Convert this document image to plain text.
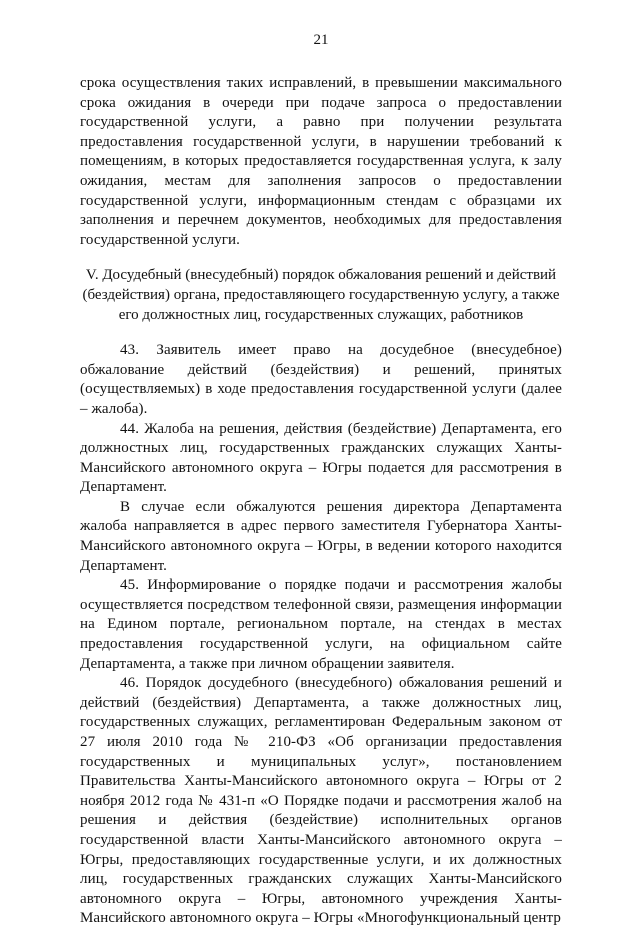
21

срока осуществления таких исправлений, в превышении максимального срока ожидания в очереди при подаче запроса о предоставлении государственной услуги, а равно при получении результата предоставления государственной услуги, в нарушении требований к помещениям, в которых предоставляется государственная услуга, к залу ожидания, местам для заполнения запросов о предоставлении государственной услуги, информационным стендам с образцами их заполнения и перечнем документов, необходимых для предоставления государственной услуги.

V. Досудебный (внесудебный) порядок обжалования решений и действий (бездействия) органа, предоставляющего государственную услугу, а также его должностных лиц, государственных служащих, работников

43. Заявитель имеет право на досудебное (внесудебное) обжалование действий (бездействия) и решений, принятых (осуществляемых) в ходе предоставления государственной услуги (далее – жалоба).

44. Жалоба на решения, действия (бездействие) Департамента, его должностных лиц, государственных гражданских служащих Ханты-Мансийского автономного округа – Югры подается для рассмотрения в Департамент.

В случае если обжалуются решения директора Департамента жалоба направляется в адрес первого заместителя Губернатора Ханты-Мансийского автономного округа – Югры, в ведении которого находится Департамент.

45. Информирование о порядке подачи и рассмотрения жалобы осуществляется посредством телефонной связи, размещения информации на Едином портале, региональном портале, на стендах в местах предоставления государственной услуги, на официальном сайте Департамента, а также при личном обращении заявителя.

46. Порядок досудебного (внесудебного) обжалования решений и действий (бездействия) Департамента, а также должностных лиц, государственных служащих, регламентирован Федеральным законом от 27 июля 2010 года № 210-ФЗ «Об организации предоставления государственных и муниципальных услуг», постановлением Правительства Ханты-Мансийского автономного округа – Югры от 2 ноября 2012 года № 431-п «О Порядке подачи и рассмотрения жалоб на решения и действия (бездействие) исполнительных органов государственной власти Ханты-Мансийского автономного округа – Югры, предоставляющих государственные услуги, и их должностных лиц, государственных гражданских служащих Ханты-Мансийского автономного округа – Югры, автономного учреждения Ханты-Мансийского автономного округа – Югры «Многофункциональный центр
